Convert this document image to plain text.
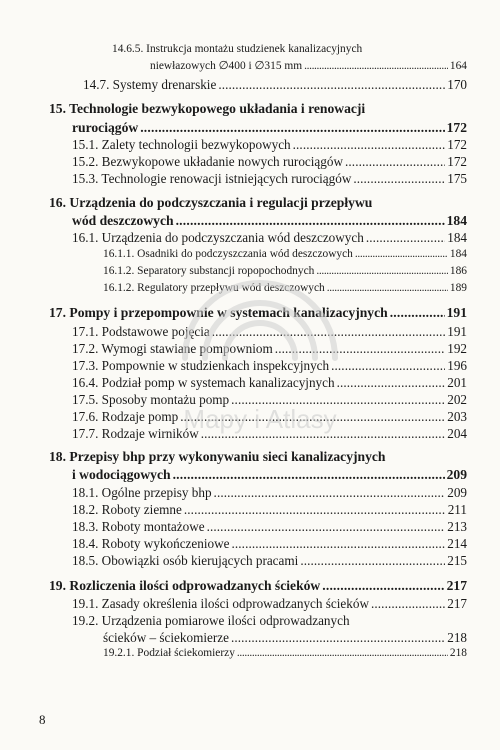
14.6.5. Instrukcja montażu studzienek kanalizacyjnych
niewłazowych ∅400 i ∅315 mm . . .	164
14.7. Systemy drenarskie . . .	170
15. Technologie bezwykopowego układania i renowacji
rurociągów . . .	172
15.1. Zalety technologii bezwykopowych . . .	172
15.2. Bezwykopowe układanie nowych rurociągów . . .	172
15.3. Technologie renowacji istniejących rurociągów . . .	175
16. Urządzenia do podczyszczania i regulacji przepływu
wód deszczowych . . .	184
16.1. Urządzenia do podczyszczania wód deszczowych . . .	184
16.1.1. Osadniki do podczyszczania wód deszczowych . . .	184
16.1.2. Separatory substancji ropopochodnych . . .	186
16.1.2. Regulatory przepływu wód deszczowych . . .	189
17. Pompy i przepompownie w systemach kanalizacyjnych . . .	191
17.1. Podstawowe pojęcia . . .	191
17.2. Wymogi stawiane pompowniom . . .	192
17.3. Pompownie w studzienkach inspekcyjnych . . .	196
16.4. Podział pomp w systemach kanalizacyjnych . . .	201
17.5. Sposoby montażu pomp . . .	202
17.6. Rodzaje pomp . . .	203
17.7. Rodzaje wirników . . .	204
18. Przepisy bhp przy wykonywaniu sieci kanalizacyjnych
i wodociągowych . . .	209
18.1. Ogólne przepisy bhp . . .	209
18.2. Roboty ziemne . . .	211
18.3. Roboty montażowe . . .	213
18.4. Roboty wykończeniowe . . .	214
18.5. Obowiązki osób kierujących pracami . . .	215
19. Rozliczenia ilości odprowadzanych ścieków . . .	217
19.1. Zasady określenia ilości odprowadzanych ścieków . . .	217
19.2. Urządzenia pomiarowe ilości odprowadzanych
ścieków – ściekomierze . . .	218
19.2.1. Podział ściekomierzy . . .	218
8
Mapy i Atlasy
